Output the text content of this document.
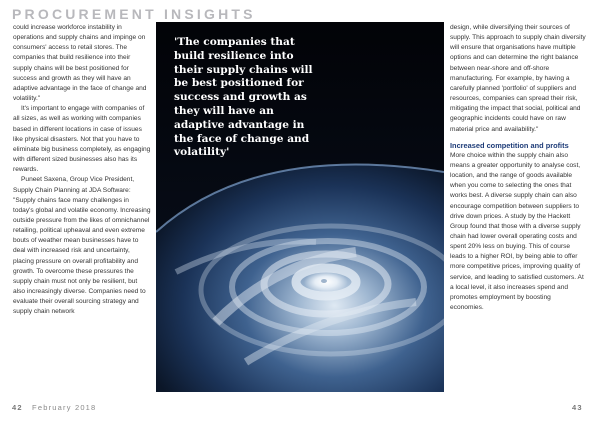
PROCUREMENT INSIGHTS

could increase workforce instability in operations and supply chains and impinge on consumers' access to retail stores. The companies that build resilience into their supply chains will be best positioned for success and growth as they will have an adaptive advantage in the face of change and volatility."

It's important to engage with companies of all sizes, as well as working with companies based in different locations in case of issues like physical disasters. Not that you have to eliminate big business completely, as engaging with different sized businesses also has its rewards.

Puneet Saxena, Group Vice President, Supply Chain Planning at JDA Software: "Supply chains face many challenges in today's global and volatile economy. Increasing outside pressure from the likes of omnichannel retailing, political upheaval and even extreme bouts of weather mean businesses have to deal with increased risk and uncertainty, placing pressure on overall profitability and growth. To overcome these pressures the supply chain must not only be resilient, but also increasingly diverse. Companies need to evaluate their overall sourcing strategy and supply chain network

'The companies that build resilience into their supply chains will be best positioned for success and growth as they will have an adaptive advantage in the face of change and volatility'

design, while diversifying their sources of supply. This approach to supply chain diversity will ensure that organisations have multiple options and can determine the right balance between near-shore and off-shore manufacturing. For example, by having a carefully planned 'portfolio' of suppliers and resources, companies can spread their risk, mitigating the impact that social, political and geographic incidents could have on raw material price and availability."

Increased competition and profits

More choice within the supply chain also means a greater opportunity to analyse cost, location, and the range of goods available when you come to selecting the ones that works best. A diverse supply chain can also encourage competition between suppliers to drive down prices. A study by the Hackett Group found that those with a diverse supply chain had lower overall operating costs and spent 20% less on buying. This of course leads to a higher ROI, by being able to offer more competitive prices, improving quality of service, and leading to satisfied customers. At a local level, it also increases spend and promotes employment by boosting economies.

42 February 2018	43
